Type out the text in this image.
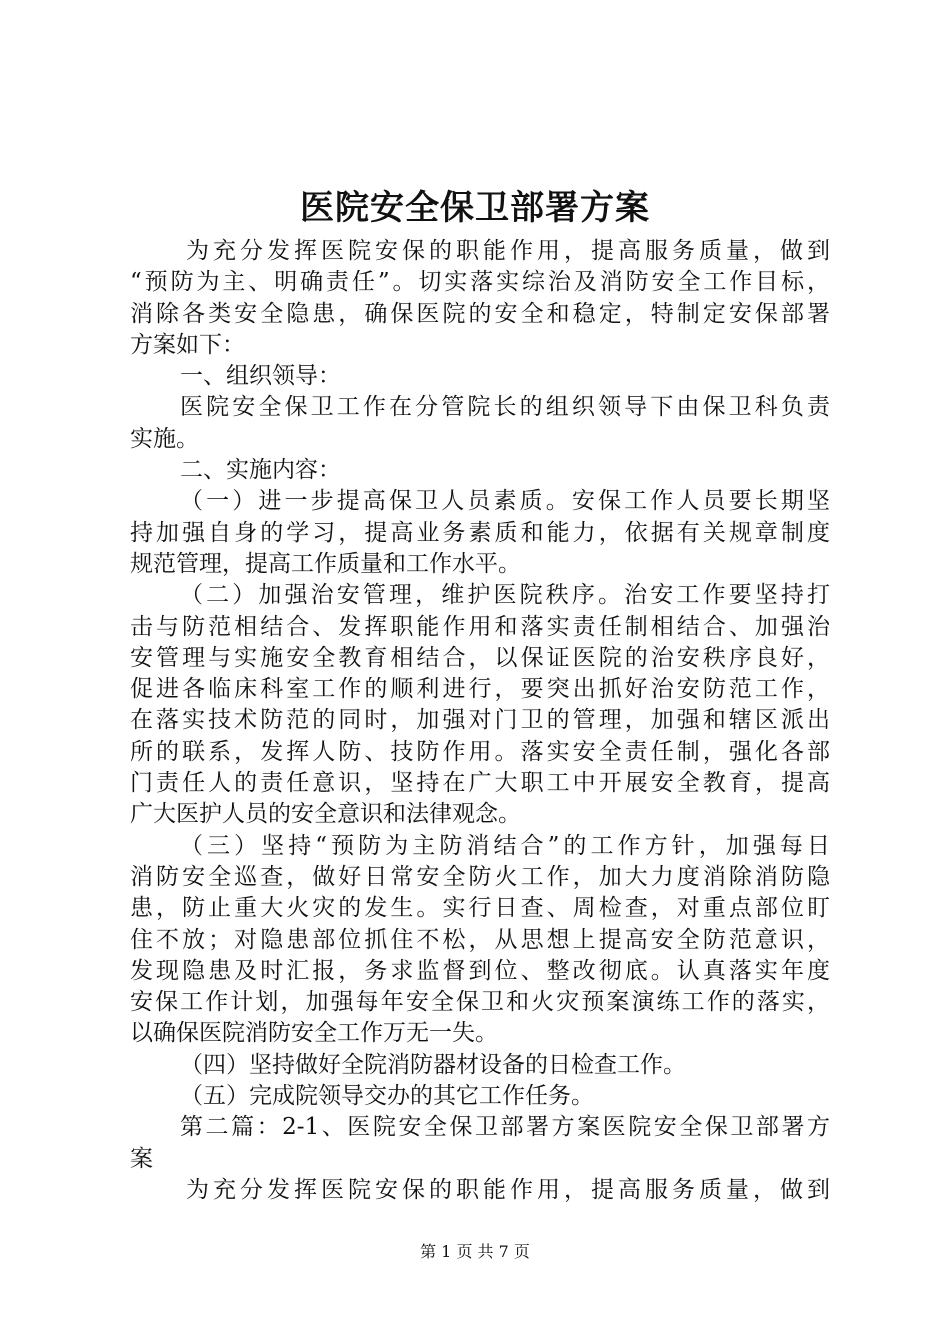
医院安全保卫部署方案
为充分发挥医院安保的职能作用，提高服务质量，做到
“预防为主、明确责任”。切实落实综治及消防安全工作目标，
消除各类安全隐患，确保医院的安全和稳定，特制定安保部署
方案如下：
一、组织领导：
医院安全保卫工作在分管院长的组织领导下由保卫科负责
实施。
二、实施内容：
（一）进一步提高保卫人员素质。安保工作人员要长期坚
持加强自身的学习，提高业务素质和能力，依据有关规章制度
规范管理，提高工作质量和工作水平。
（二）加强治安管理，维护医院秩序。治安工作要坚持打
击与防范相结合、发挥职能作用和落实责任制相结合、加强治
安管理与实施安全教育相结合，以保证医院的治安秩序良好，
促进各临床科室工作的顺利进行，要突出抓好治安防范工作，
在落实技术防范的同时，加强对门卫的管理，加强和辖区派出
所的联系，发挥人防、技防作用。落实安全责任制，强化各部
门责任人的责任意识，坚持在广大职工中开展安全教育，提高
广大医护人员的安全意识和法律观念。
（三）坚持“预防为主防消结合”的工作方针，加强每日
消防安全巡查，做好日常安全防火工作，加大力度消除消防隐
患，防止重大火灾的发生。实行日查、周检查，对重点部位盯
住不放；对隐患部位抓住不松，从思想上提高安全防范意识，
发现隐患及时汇报，务求监督到位、整改彻底。认真落实年度
安保工作计划，加强每年安全保卫和火灾预案演练工作的落实，
以确保医院消防安全工作万无一失。
（四）坚持做好全院消防器材设备的日检查工作。
（五）完成院领导交办的其它工作任务。
第二篇：2-1、医院安全保卫部署方案医院安全保卫部署方
案
为充分发挥医院安保的职能作用，提高服务质量，做到
第 1 页 共 7 页
